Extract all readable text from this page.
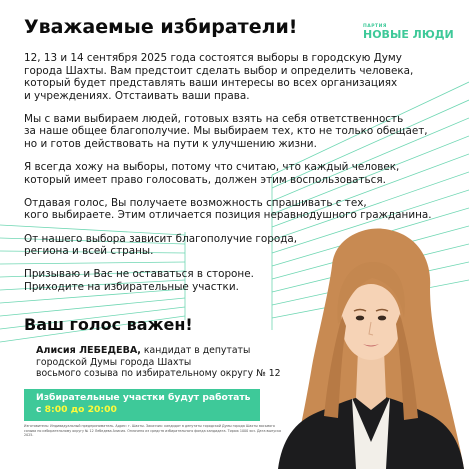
Уважаемые избиратели!	ПАРТИЯ
НОВЫЕ ЛЮДИ

12, 13 и 14 сентября 2025 года состоятся выборы в городскую Думу
города Шахты. Вам предстоит сделать выбор и определить человека,
который будет представлять ваши интересы во всех организациях
и учреждениях. Отстаивать ваши права.

Мы с вами выбираем людей, готовых взять на себя ответственность
за наше общее благополучие. Мы выбираем тех, кто не только обещает,
но и готов действовать на пути к улучшению жизни.

Я всегда хожу на выборы, потому что считаю, что каждый человек,
который имеет право голосовать, должен этим воспользоваться.

Отдавая голос, Вы получаете возможность спрашивать с тех,
кого выбираете. Этим отличается позиция неравнодушного гражданина.

От нашего выбора зависит благополучие города,
региона и всей страны.

Призываю и Вас не оставаться в стороне.
Приходите на избирательные участки.

Ваш голос важен!
Алисия ЛЕБЕДЕВА, кандидат в депутаты
городской Думы города Шахты
восьмого созыва по избирательному округу № 12
Избирательные участки будут работать
с 8:00 до 20:00
Изготовитель: Индивидуальный предприниматель. Адрес: г. Шахты. Заказчик: кандидат в депутаты городской Думы города Шахты восьмого созыва по избирательному округу № 12 Лебедева Алисия. Оплачено из средств избирательного фонда кандидата. Тираж 1000 экз. Дата выпуска 2025.
